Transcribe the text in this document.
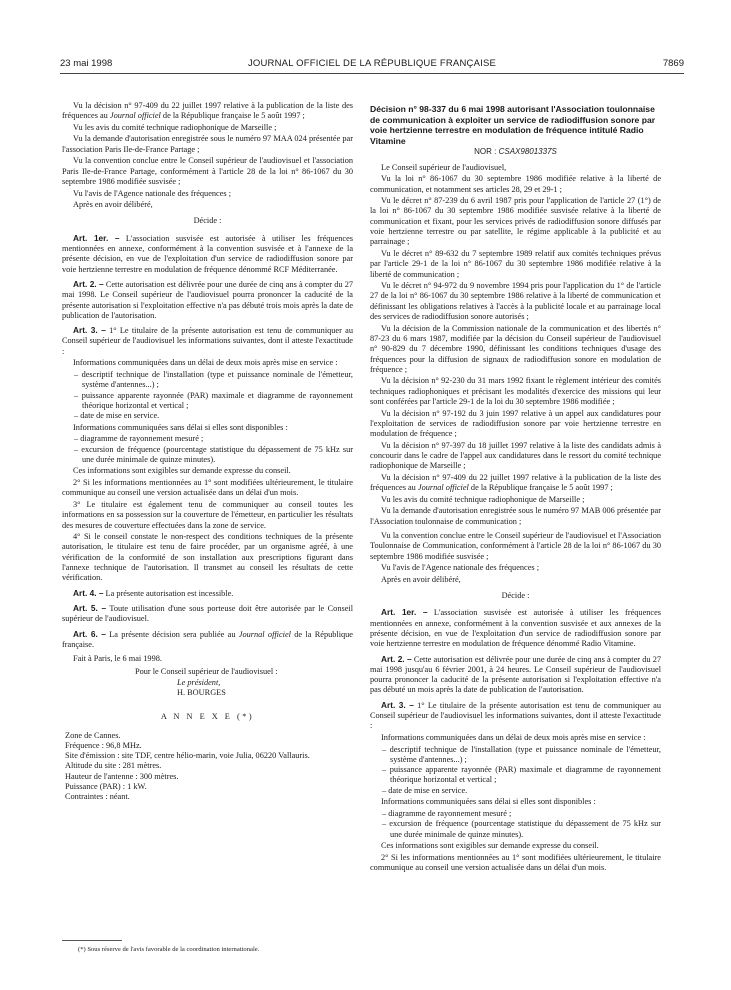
23 mai 1998	JOURNAL OFFICIEL DE LA RÉPUBLIQUE FRANÇAISE	7869

Vu la décision n° 97-409 du 22 juillet 1997 relative à la publication de la liste des fréquences au Journal officiel de la République française le 5 août 1997 ;

Vu les avis du comité technique radiophonique de Marseille ;

Vu la demande d'autorisation enregistrée sous le numéro 97 MAA 024 présentée par l'association Paris Ile-de-France Partage ;

Vu la convention conclue entre le Conseil supérieur de l'audiovisuel et l'association Paris Ile-de-France Partage, conformément à l'article 28 de la loi n° 86-1067 du 30 septembre 1986 modifiée susvisée ;

Vu l'avis de l'Agence nationale des fréquences ;

Après en avoir délibéré,

Décide :

Art. 1er. – L'association susvisée est autorisée à utiliser les fréquences mentionnées en annexe, conformément à la convention susvisée et à l'annexe de la présente décision, en vue de l'exploitation d'un service de radiodiffusion sonore par voie hertzienne terrestre en modulation de fréquence dénommé RCF Méditerranée.

Art. 2. – Cette autorisation est délivrée pour une durée de cinq ans à compter du 27 mai 1998. Le Conseil supérieur de l'audiovisuel pourra prononcer la caducité de la présente autorisation si l'exploitation effective n'a pas débuté trois mois après la date de publication de l'autorisation.

Art. 3. – 1° Le titulaire de la présente autorisation est tenu de communiquer au Conseil supérieur de l'audiovisuel les informations suivantes, dont il atteste l'exactitude :

Informations communiquées dans un délai de deux mois après mise en service :

– descriptif technique de l'installation (type et puissance nominale de l'émetteur, système d'antennes...) ;
– puissance apparente rayonnée (PAR) maximale et diagramme de rayonnement théorique horizontal et vertical ;
– date de mise en service.

Informations communiquées sans délai si elles sont disponibles :

– diagramme de rayonnement mesuré ;
– excursion de fréquence (pourcentage statistique du dépassement de 75 kHz sur une durée minimale de quinze minutes).

Ces informations sont exigibles sur demande expresse du conseil.

2° Si les informations mentionnées au 1° sont modifiées ultérieurement, le titulaire communique au conseil une version actualisée dans un délai d'un mois.

3° Le titulaire est également tenu de communiquer au conseil toutes les informations en sa possession sur la couverture de l'émetteur, en particulier les résultats des mesures de couverture effectuées dans la zone de service.

4° Si le conseil constate le non-respect des conditions techniques de la présente autorisation, le titulaire est tenu de faire procéder, par un organisme agréé, à une vérification de la conformité de son installation aux prescriptions figurant dans l'annexe technique de l'autorisation. Il transmet au conseil les résultats de cette vérification.

Art. 4. – La présente autorisation est incessible.

Art. 5. – Toute utilisation d'une sous porteuse doit être autorisée par le Conseil supérieur de l'audiovisuel.

Art. 6. – La présente décision sera publiée au Journal officiel de la République française.

Fait à Paris, le 6 mai 1998.

Pour le Conseil supérieur de l'audiovisuel :

Le président,

H. BOURGES

A N N E X E (*)

Zone de Cannes.

Fréquence : 96,8 MHz.

Site d'émission : site TDF, centre hélio-marin, voie Julia, 06220 Vallauris.

Altitude du site : 281 mètres.

Hauteur de l'antenne : 300 mètres.

Puissance (PAR) : 1 kW.

Contraintes : néant.

(*) Sous réserve de l'avis favorable de la coordination internationale.

Décision n° 98-337 du 6 mai 1998 autorisant l'Association toulonnaise de communication à exploiter un service de radiodiffusion sonore par voie hertzienne terrestre en modulation de fréquence intitulé Radio Vitamine

NOR : CSAX9801337S

Le Conseil supérieur de l'audiovisuel,

Vu la loi n° 86-1067 du 30 septembre 1986 modifiée relative à la liberté de communication, et notamment ses articles 28, 29 et 29-1 ;

Vu le décret n° 87-239 du 6 avril 1987 pris pour l'application de l'article 27 (1°) de la loi n° 86-1067 du 30 septembre 1986 modifiée susvisée relative à la liberté de communication et fixant, pour les services privés de radiodiffusion sonore diffusés par voie hertzienne terrestre ou par satellite, le régime applicable à la publicité et au parrainage ;

Vu le décret n° 89-632 du 7 septembre 1989 relatif aux comités techniques prévus par l'article 29-1 de la loi n° 86-1067 du 30 septembre 1986 modifiée relative à la liberté de communication ;

Vu le décret n° 94-972 du 9 novembre 1994 pris pour l'application du 1° de l'article 27 de la loi n° 86-1067 du 30 septembre 1986 relative à la liberté de communication et définissant les obligations relatives à l'accès à la publicité locale et au parrainage local des services de radiodiffusion sonore autorisés ;

Vu la décision de la Commission nationale de la communication et des libertés n° 87-23 du 6 mars 1987, modifiée par la décision du Conseil supérieur de l'audiovisuel n° 90-829 du 7 décembre 1990, définissant les conditions techniques d'usage des fréquences pour la diffusion de signaux de radiodiffusion sonore en modulation de fréquence ;

Vu la décision n° 92-230 du 31 mars 1992 fixant le règlement intérieur des comités techniques radiophoniques et précisant les modalités d'exercice des missions qui leur sont conférées par l'article 29-1 de la loi du 30 septembre 1986 modifiée ;

Vu la décision n° 97-192 du 3 juin 1997 relative à un appel aux candidatures pour l'exploitation de services de radiodiffusion sonore par voie hertzienne terrestre en modulation de fréquence ;

Vu la décision n° 97-397 du 18 juillet 1997 relative à la liste des candidats admis à concourir dans le cadre de l'appel aux candidatures dans le ressort du comité technique radiophonique de Marseille ;

Vu la décision n° 97-409 du 22 juillet 1997 relative à la publication de la liste des fréquences au Journal officiel de la République française le 5 août 1997 ;

Vu les avis du comité technique radiophonique de Marseille ;

Vu la demande d'autorisation enregistrée sous le numéro 97 MAB 006 présentée par l'Association toulonnaise de communication ;

Vu la convention conclue entre le Conseil supérieur de l'audiovisuel et l'Association Toulonnaise de Communication, conformément à l'article 28 de la loi n° 86-1067 du 30 septembre 1986 modifiée susvisée ;

Vu l'avis de l'Agence nationale des fréquences ;

Après en avoir délibéré,

Décide :

Art. 1er. – L'association susvisée est autorisée à utiliser les fréquences mentionnées en annexe, conformément à la convention susvisée et aux annexes de la présente décision, en vue de l'exploitation d'un service de radiodiffusion sonore par voie hertzienne terrestre en modulation de fréquence dénommé Radio Vitamine.

Art. 2. – Cette autorisation est délivrée pour une durée de cinq ans à compter du 27 mai 1998 jusqu'au 6 février 2001, à 24 heures. Le Conseil supérieur de l'audiovisuel pourra prononcer la caducité de la présente autorisation si l'exploitation effective n'a pas débuté un mois après la date de publication de l'autorisation.

Art. 3. – 1° Le titulaire de la présente autorisation est tenu de communiquer au Conseil supérieur de l'audiovisuel les informations suivantes, dont il atteste l'exactitude :

Informations communiquées dans un délai de deux mois après mise en service :

– descriptif technique de l'installation (type et puissance nominale de l'émetteur, système d'antennes...) ;
– puissance apparente rayonnée (PAR) maximale et diagramme de rayonnement théorique horizontal et vertical ;
– date de mise en service.

Informations communiquées sans délai si elles sont disponibles :

– diagramme de rayonnement mesuré ;
– excursion de fréquence (pourcentage statistique du dépassement de 75 kHz sur une durée minimale de quinze minutes).

Ces informations sont exigibles sur demande expresse du conseil.

2° Si les informations mentionnées au 1° sont modifiées ultérieurement, le titulaire communique au conseil une version actualisée dans un délai d'un mois.
